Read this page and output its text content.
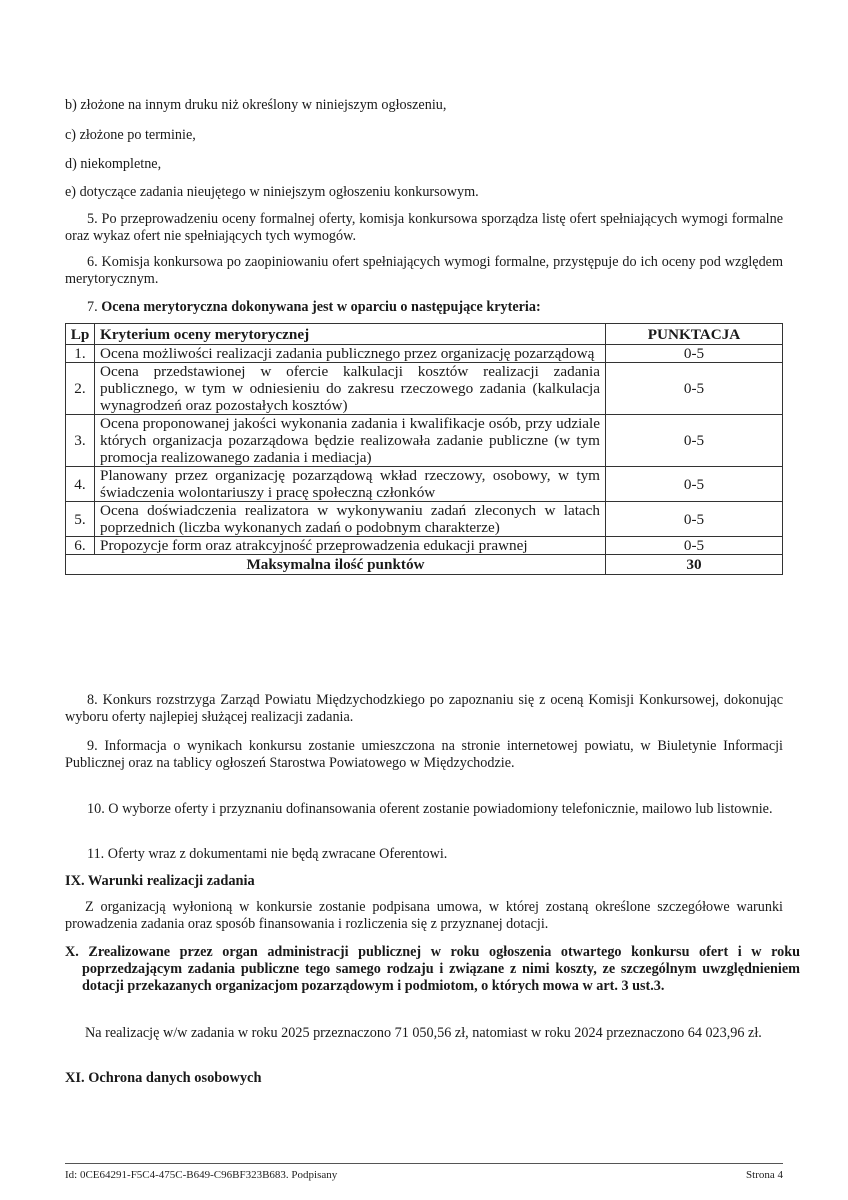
b) złożone na innym druku niż określony w niniejszym ogłoszeniu,

c) złożone po terminie,

d) niekompletne,

e) dotyczące zadania nieujętego w niniejszym ogłoszeniu konkursowym.

5. Po przeprowadzeniu oceny formalnej oferty, komisja konkursowa sporządza listę ofert spełniających wymogi formalne oraz wykaz ofert nie spełniających tych wymogów.

6. Komisja konkursowa po zaopiniowaniu ofert spełniających wymogi formalne, przystępuje do ich oceny pod względem merytorycznym.

7. Ocena merytoryczna dokonywana jest w oparciu o następujące kryteria:

Lp	Kryterium oceny merytorycznej	PUNKTACJA
1.	Ocena możliwości realizacji zadania publicznego przez organizację pozarządową	0-5
2.	Ocena przedstawionej w ofercie kalkulacji kosztów realizacji zadania publicznego, w tym w odniesieniu do zakresu rzeczowego zadania (kalkulacja wynagrodzeń oraz pozostałych kosztów)	0-5
3.	Ocena proponowanej jakości wykonania zadania i kwalifikacje osób, przy udziale których organizacja pozarządowa będzie realizowała zadanie publiczne (w tym promocja realizowanego zadania i mediacja)	0-5
4.	Planowany przez organizację pozarządową wkład rzeczowy, osobowy, w tym świadczenia wolontariuszy i pracę społeczną członków	0-5
5.	Ocena doświadczenia realizatora w wykonywaniu zadań zleconych w latach poprzednich (liczba wykonanych zadań o podobnym charakterze)	0-5
6.	Propozycje form oraz atrakcyjność przeprowadzenia edukacji prawnej	0-5
Maksymalna ilość punktów		30

8. Konkurs rozstrzyga Zarząd Powiatu Międzychodzkiego po zapoznaniu się z oceną Komisji Konkursowej, dokonując wyboru oferty najlepiej służącej realizacji zadania.

9. Informacja o wynikach konkursu zostanie umieszczona na stronie internetowej powiatu, w Biuletynie Informacji Publicznej oraz na tablicy ogłoszeń Starostwa Powiatowego w Międzychodzie.

10. O wyborze oferty i przyznaniu dofinansowania oferent zostanie powiadomiony telefonicznie, mailowo lub listownie.

11. Oferty wraz z dokumentami nie będą zwracane Oferentowi.

IX. Warunki realizacji zadania

Z organizacją wyłonioną w konkursie zostanie podpisana umowa, w której zostaną określone szczegółowe warunki prowadzenia zadania oraz sposób finansowania i rozliczenia się z przyznanej dotacji.

X. Zrealizowane przez organ administracji publicznej w roku ogłoszenia otwartego konkursu ofert i w roku poprzedzającym zadania publiczne tego samego rodzaju i związane z nimi koszty, ze szczególnym uwzględnieniem dotacji przekazanych organizacjom pozarządowym i podmiotom, o których mowa w art. 3 ust.3.

Na realizację w/w zadania w roku 2025 przeznaczono 71 050,56 zł, natomiast w roku 2024 przeznaczono 64 023,96 zł.

XI. Ochrona danych osobowych

Id: 0CE64291-F5C4-475C-B649-C96BF323B683. Podpisany	Strona 4
